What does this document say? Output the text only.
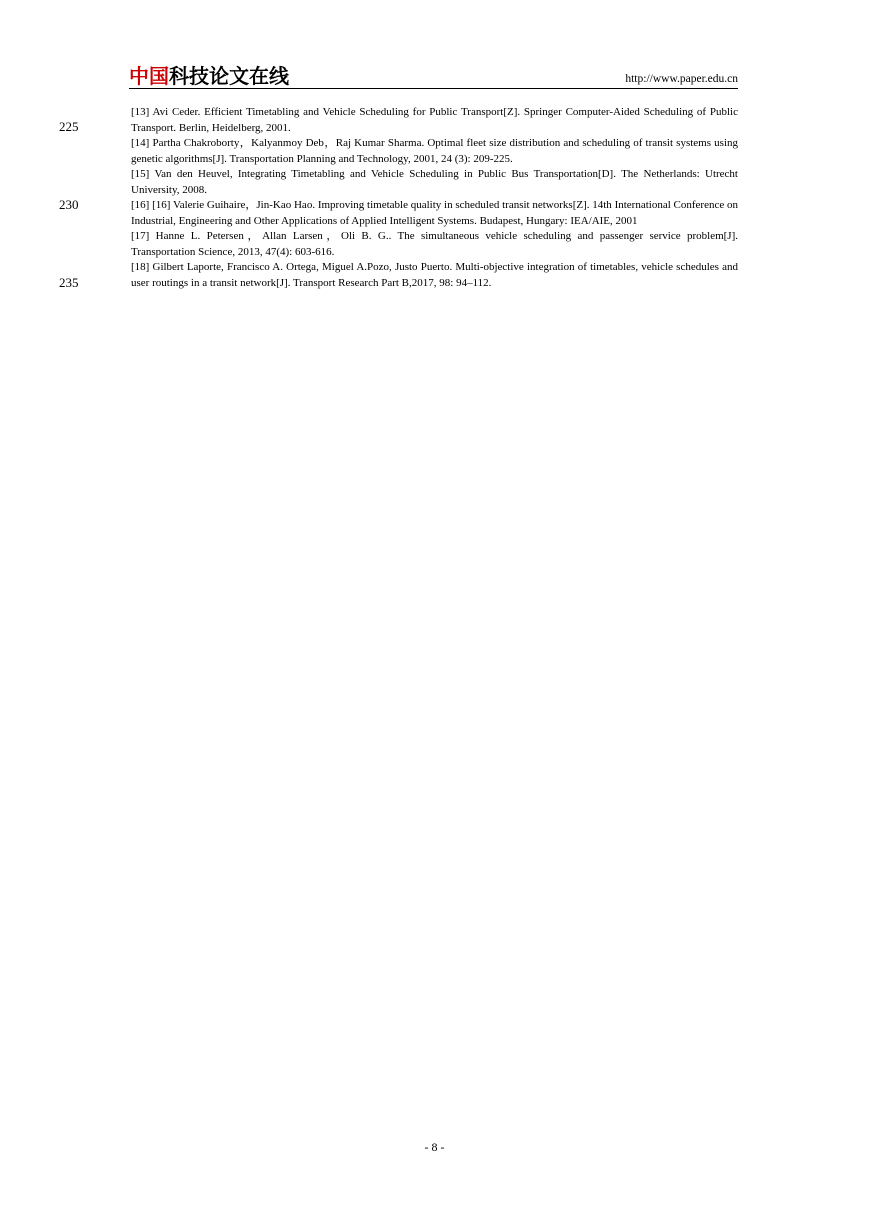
中国科技论文在线	http://www.paper.edu.cn
225
230
235

[13] Avi Ceder. Efficient Timetabling and Vehicle Scheduling for Public Transport[Z]. Springer Computer-Aided Scheduling of Public Transport. Berlin, Heidelberg, 2001.

[14] Partha Chakroborty，Kalyanmoy Deb，Raj Kumar Sharma. Optimal fleet size distribution and scheduling of transit systems using genetic algorithms[J]. Transportation Planning and Technology, 2001, 24 (3): 209-225.

[15] Van den Heuvel, Integrating Timetabling and Vehicle Scheduling in Public Bus Transportation[D]. The Netherlands: Utrecht University, 2008.

[16] [16] Valerie Guihaire，Jin-Kao Hao. Improving timetable quality in scheduled transit networks[Z]. 14th International Conference on Industrial, Engineering and Other Applications of Applied Intelligent Systems. Budapest, Hungary: IEA/AIE, 2001

[17] Hanne L. Petersen，Allan Larsen，Oli B. G.. The simultaneous vehicle scheduling and passenger service problem[J]. Transportation Science, 2013, 47(4): 603-616.

[18] Gilbert Laporte, Francisco A. Ortega, Miguel A.Pozo, Justo Puerto. Multi-objective integration of timetables, vehicle schedules and user routings in a transit network[J]. Transport Research Part B,2017, 98: 94–112.

- 8 -
